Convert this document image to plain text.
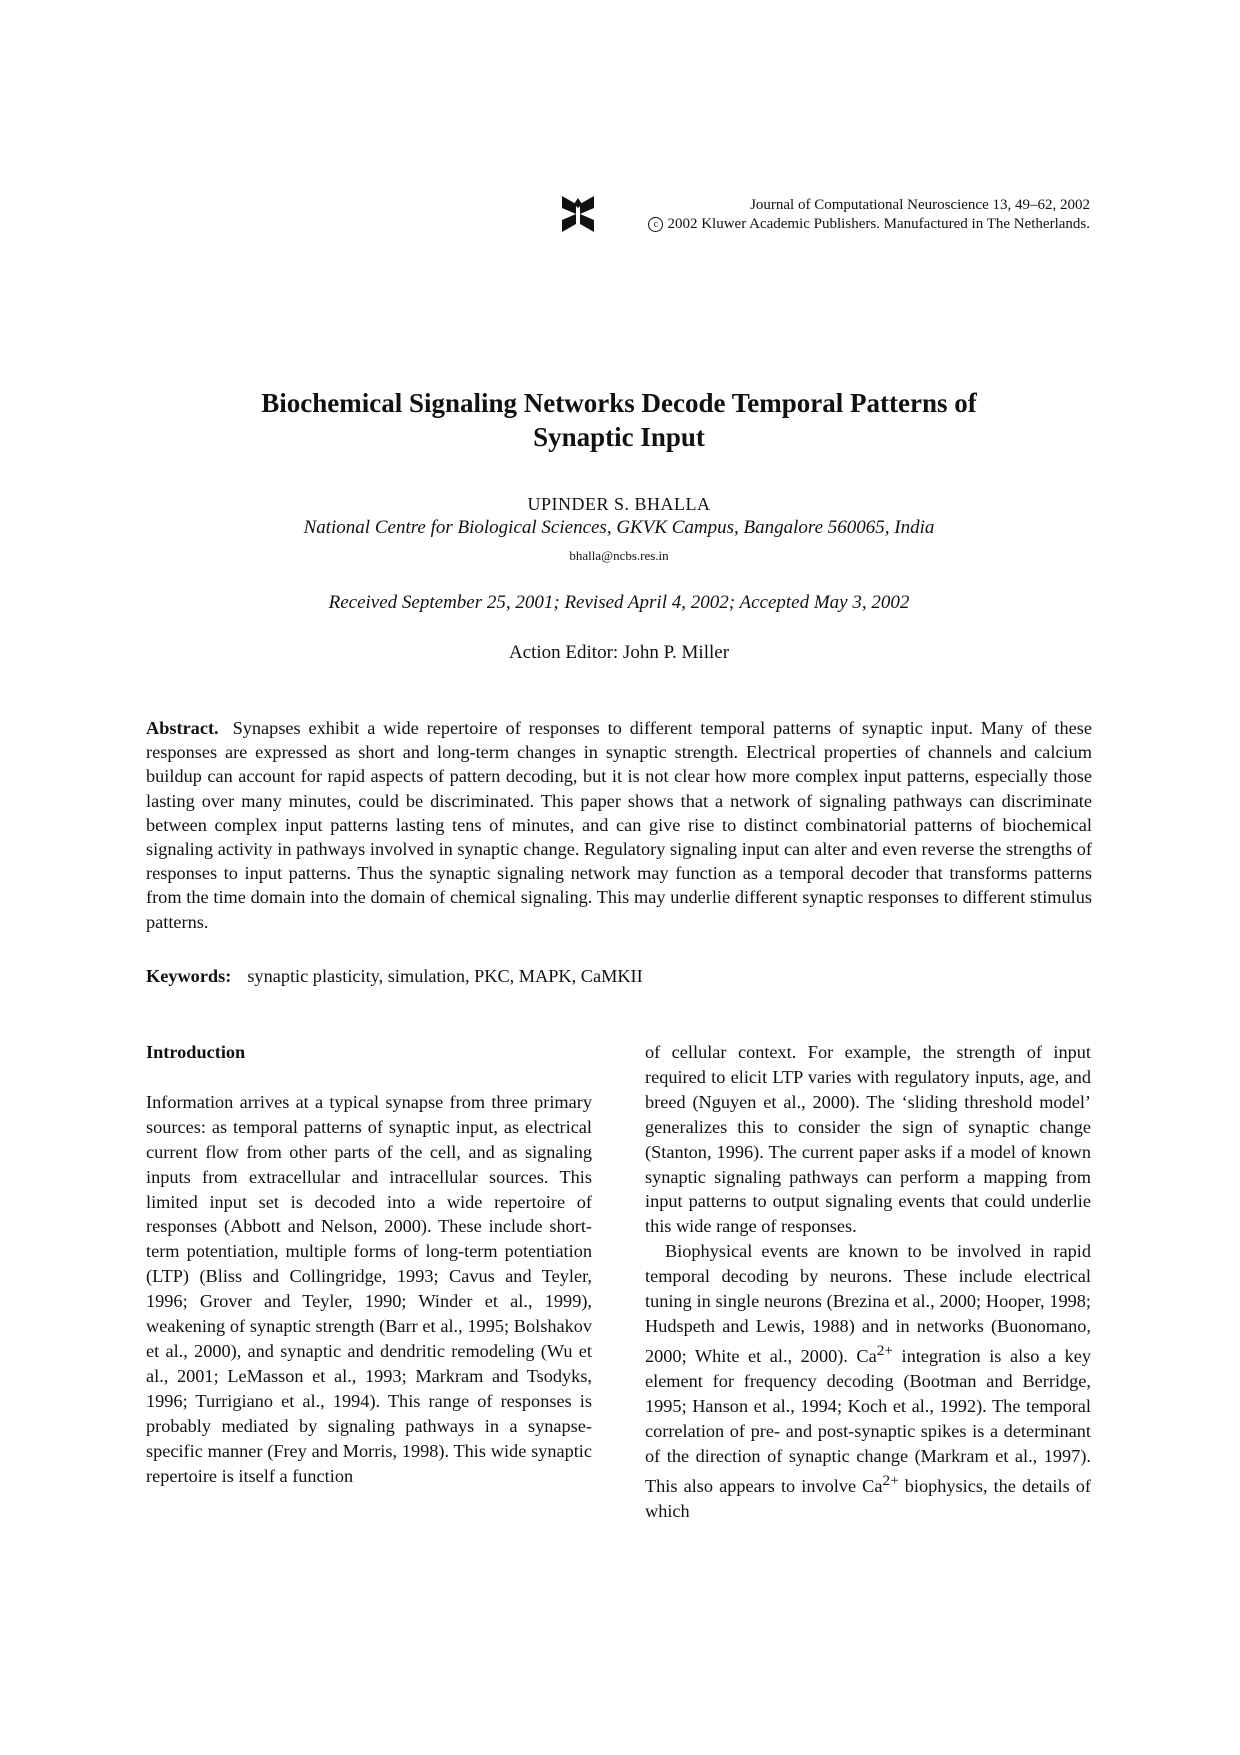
Journal of Computational Neuroscience 13, 49–62, 2002
c 2002 Kluwer Academic Publishers. Manufactured in The Netherlands.
Biochemical Signaling Networks Decode Temporal Patterns of Synaptic Input
UPINDER S. BHALLA
National Centre for Biological Sciences, GKVK Campus, Bangalore 560065, India
bhalla@ncbs.res.in
Received September 25, 2001; Revised April 4, 2002; Accepted May 3, 2002
Action Editor: John P. Miller

Abstract. Synapses exhibit a wide repertoire of responses to different temporal patterns of synaptic input. Many of these responses are expressed as short and long-term changes in synaptic strength. Electrical properties of channels and calcium buildup can account for rapid aspects of pattern decoding, but it is not clear how more complex input patterns, especially those lasting over many minutes, could be discriminated. This paper shows that a network of signaling pathways can discriminate between complex input patterns lasting tens of minutes, and can give rise to distinct combinatorial patterns of biochemical signaling activity in pathways involved in synaptic change. Regulatory signaling input can alter and even reverse the strengths of responses to input patterns. Thus the synaptic signaling network may function as a temporal decoder that transforms patterns from the time domain into the domain of chemical signaling. This may underlie different synaptic responses to different stimulus patterns.

Keywords: synaptic plasticity, simulation, PKC, MAPK, CaMKII
Introduction

Information arrives at a typical synapse from three primary sources: as temporal patterns of synaptic input, as electrical current flow from other parts of the cell, and as signaling inputs from extracellular and intracellular sources. This limited input set is decoded into a wide repertoire of responses (Abbott and Nelson, 2000). These include short-term potentiation, multiple forms of long-term potentiation (LTP) (Bliss and Collingridge, 1993; Cavus and Teyler, 1996; Grover and Teyler, 1990; Winder et al., 1999), weakening of synaptic strength (Barr et al., 1995; Bolshakov et al., 2000), and synaptic and dendritic remodeling (Wu et al., 2001; LeMasson et al., 1993; Markram and Tsodyks, 1996; Turrigiano et al., 1994). This range of responses is probably mediated by signaling pathways in a synapse-specific manner (Frey and Morris, 1998). This wide synaptic repertoire is itself a function

of cellular context. For example, the strength of input required to elicit LTP varies with regulatory inputs, age, and breed (Nguyen et al., 2000). The ‘sliding threshold model’ generalizes this to consider the sign of synaptic change (Stanton, 1996). The current paper asks if a model of known synaptic signaling pathways can perform a mapping from input patterns to output signaling events that could underlie this wide range of responses.

Biophysical events are known to be involved in rapid temporal decoding by neurons. These include electrical tuning in single neurons (Brezina et al., 2000; Hooper, 1998; Hudspeth and Lewis, 1988) and in networks (Buonomano, 2000; White et al., 2000). $Ca^{2+}$ integration is also a key element for frequency decoding (Bootman and Berridge, 1995; Hanson et al., 1994; Koch et al., 1992). The temporal correlation of pre- and post-synaptic spikes is a determinant of the direction of synaptic change (Markram et al., 1997). This also appears to involve $Ca^{2+}$ biophysics, the details of which
